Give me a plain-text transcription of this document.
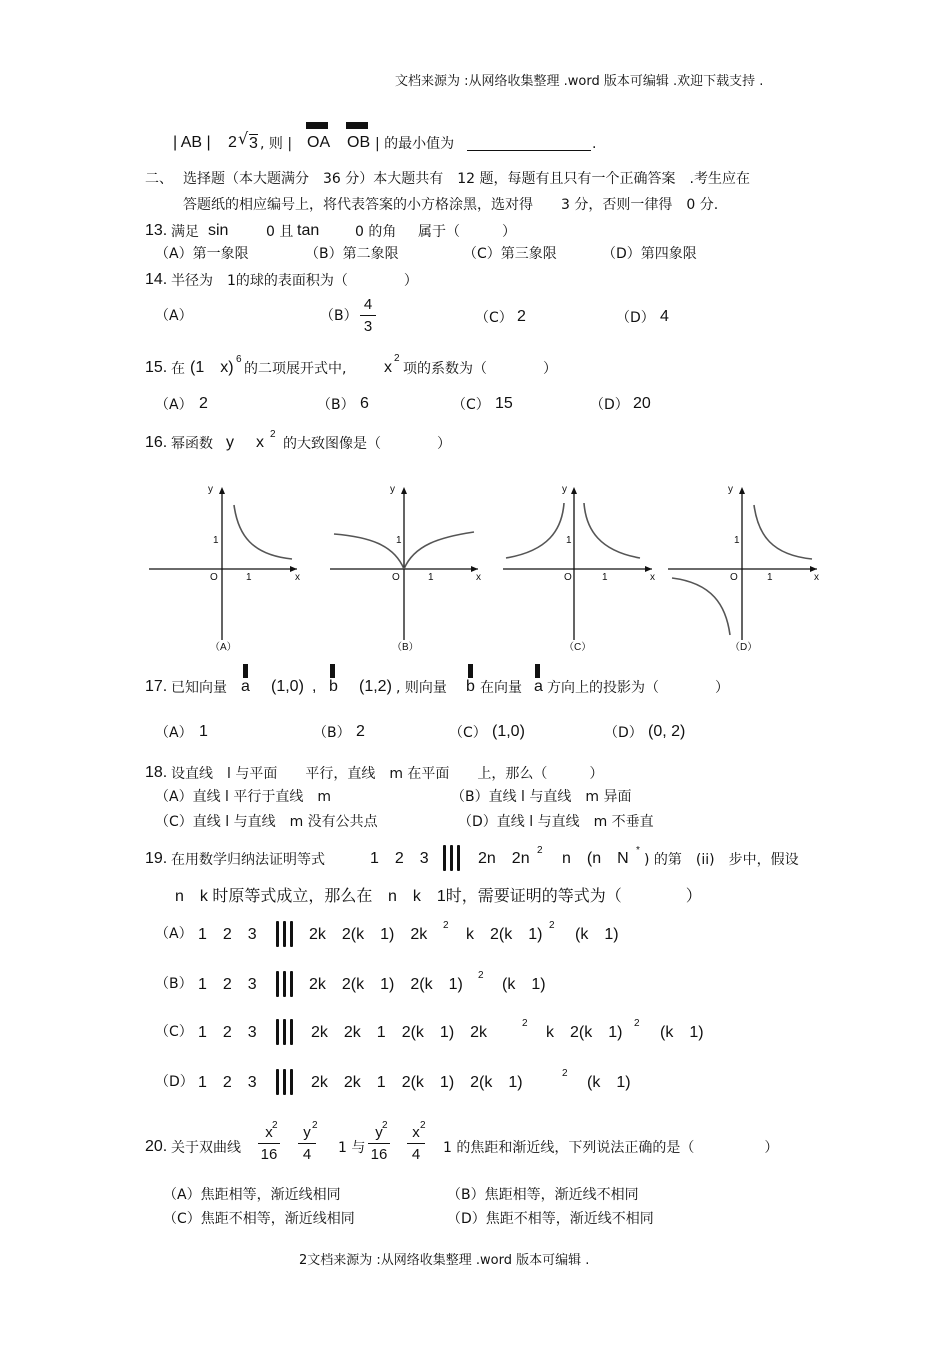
文档来源为 :从网络收集整理 .word 版本可编辑 .欢迎下载支持 .
2文档来源为 :从网络收集整理 .word 版本可编辑 .
| AB | 2 √ 3 , 则 | OA OB | 的最小值为	.
二、 选择题（本大题满分　36 分）本大题共有　12 题，每题有且只有一个正确答案　.考生应在
答题纸的相应编号上，将代表答案的小方格涂黑，选对得　　3 分，否则一律得　0 分.
13. 满足 sin	0 且 tan	0 的角 属于（　　　）
（A）第一象限	（B）第二象限	（C）第三象限	（D）第四象限
14. 半径为　1的球的表面积为（　　　　）
（A）	（B）
4
3	（C） 2	（D） 4
15. 在 (1　x) 6
的二项展开式中, x
2
项的系数为（　　　　）
（A） 2	（B） 6	（C） 15	（D） 20
16. 幂函数 y x 2
的大致图像是（　　　　）
y
x
O	1
1
（A）
y
x
O	1
1
（B）
y
x
O	1
1
（C）
y
x
O	1
1
（D）
17. 已知向量 a (1,0) , b (1,2) , 则向量 b 在向量 a 方向上的投影为（　　　　）
（A） 1	（B） 2	（C） (1,0)	（D） (0, 2)
18. 设直线　l 与平面　　平行，直线　m 在平面　　上，那么（　　　）
（A）直线 l 平行于直线　m	（B）直线 l 与直线　m 异面
（C）直线 l 与直线　m 没有公共点	（D）直线 l 与直线　m 不垂直
19. 在用数学归纳法证明等式	1　2　3	2n　2n 2 n　(n　N *
) 的第　(ii)　步中，假设
n　k 时原等式成立，那么在 n　k　1时，需要证明的等式为（　　　　）
（A） 1　2　3	2k　2(k　1)　2k
2
k　2(k　1)
2
(k　1)
（B） 1　2　3	2k　2(k　1)　2(k　1)
2
(k　1)
（C） 1　2　3	2k　2k　1　2(k　1)　2k
2
k　2(k　1)
2
(k　1)
（D） 1　2　3	2k　2k　1　2(k　1)　2(k　1)
2
(k　1)
20. 关于双曲线
x
16
2	y
4
2
1 与
y
16
2	x
4
2
1 的焦距和渐近线，下列说法正确的是（　　　　　）
（A）焦距相等，渐近线相同	（B）焦距相等，渐近线不相同
（C）焦距不相等，渐近线相同	（D）焦距不相等，渐近线不相同
